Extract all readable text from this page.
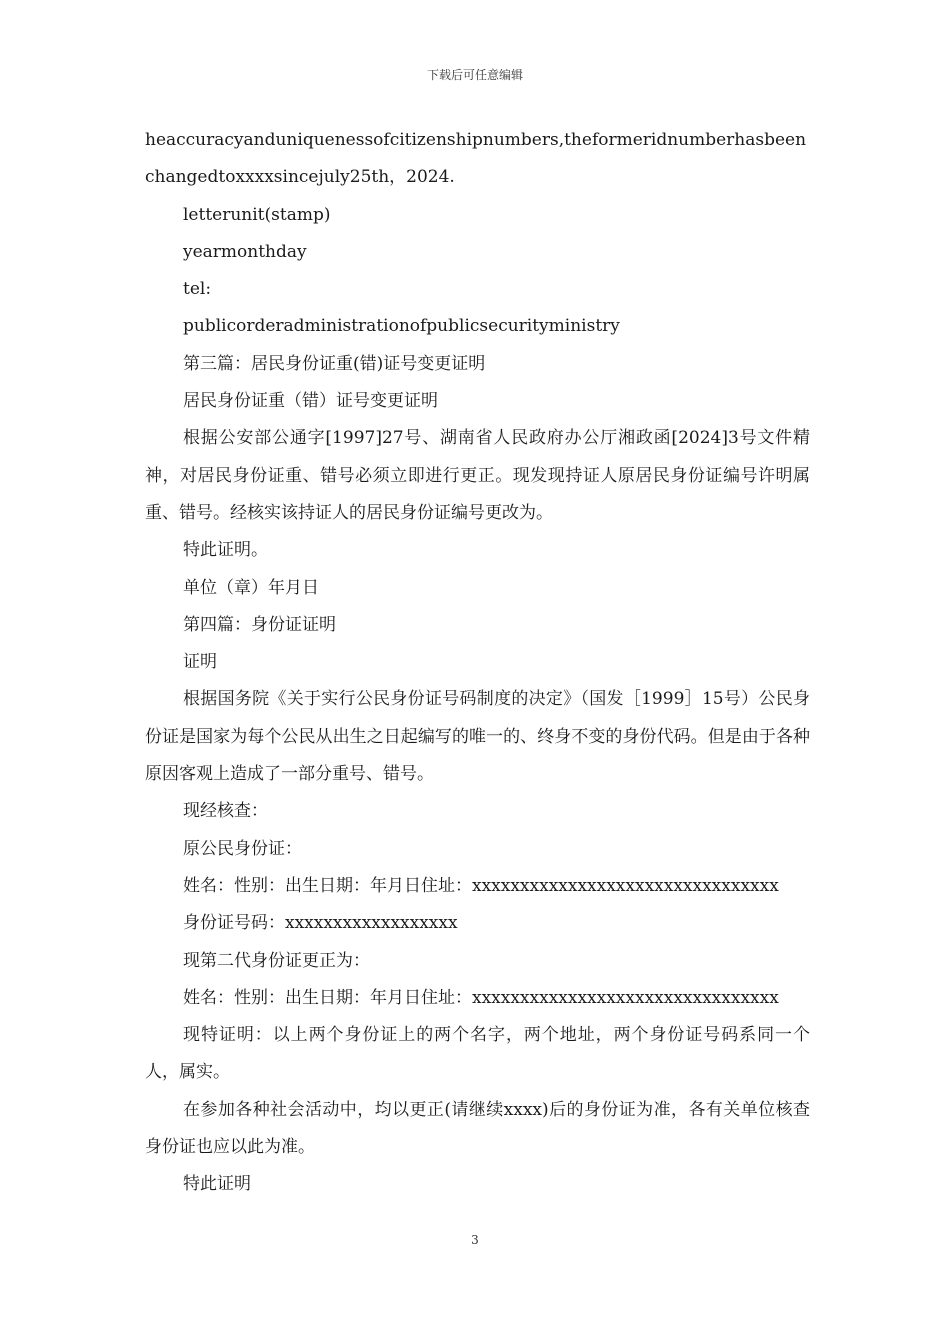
下载后可任意编辑

heaccuracyanduniquenessofcitizenshipnumbers,theformeridnumberhasbeenchangedtoxxxxsincejuly25th，2024.

letterunit(stamp)

yearmonthday

tel:

publicorderadministrationofpublicsecurityministry

第三篇：居民身份证重(错)证号变更证明

居民身份证重（错）证号变更证明

根据公安部公通字[1997]27号、湖南省人民政府办公厅湘政函[2024]3号文件精神，对居民身份证重、错号必须立即进行更正。现发现持证人原居民身份证编号许明属重、错号。经核实该持证人的居民身份证编号更改为。

特此证明。

单位（章）年月日

第四篇：身份证证明

证明

根据国务院《关于实行公民身份证号码制度的决定》（国发［1999］15号）公民身份证是国家为每个公民从出生之日起编写的唯一的、终身不变的身份代码。但是由于各种原因客观上造成了一部分重号、错号。

现经核查：

原公民身份证：

姓名：性别：出生日期：年月日住址：xxxxxxxxxxxxxxxxxxxxxxxxxxxxxxxx

身份证号码：xxxxxxxxxxxxxxxxxx

现第二代身份证更正为：

姓名：性别：出生日期：年月日住址：xxxxxxxxxxxxxxxxxxxxxxxxxxxxxxxx

现特证明：以上两个身份证上的两个名字，两个地址，两个身份证号码系同一个人，属实。

在参加各种社会活动中，均以更正(请继续xxxx)后的身份证为准，各有关单位核查身份证也应以此为准。

特此证明

3
